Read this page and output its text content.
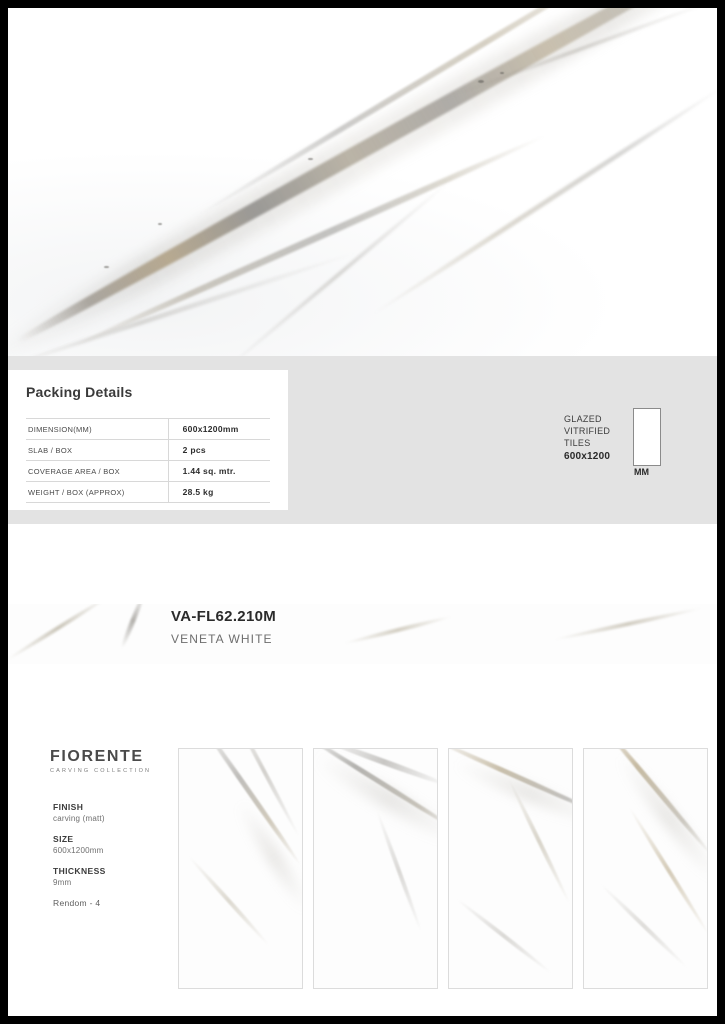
Packing Details
DIMENSION(MM)	600x1200mm
SLAB / BOX	2 pcs
COVERAGE AREA / BOX	1.44 sq. mtr.
WEIGHT / BOX (APPROX)	28.5 kg
GLAZED
VITRIFIED
TILES
600x1200
MM
VA-FL62.210M
VENETA WHITE
FIORENTE
CARVING COLLECTION
FINISH
carving (matt)
SIZE
600x1200mm
THICKNESS
9mm
Rendom - 4
